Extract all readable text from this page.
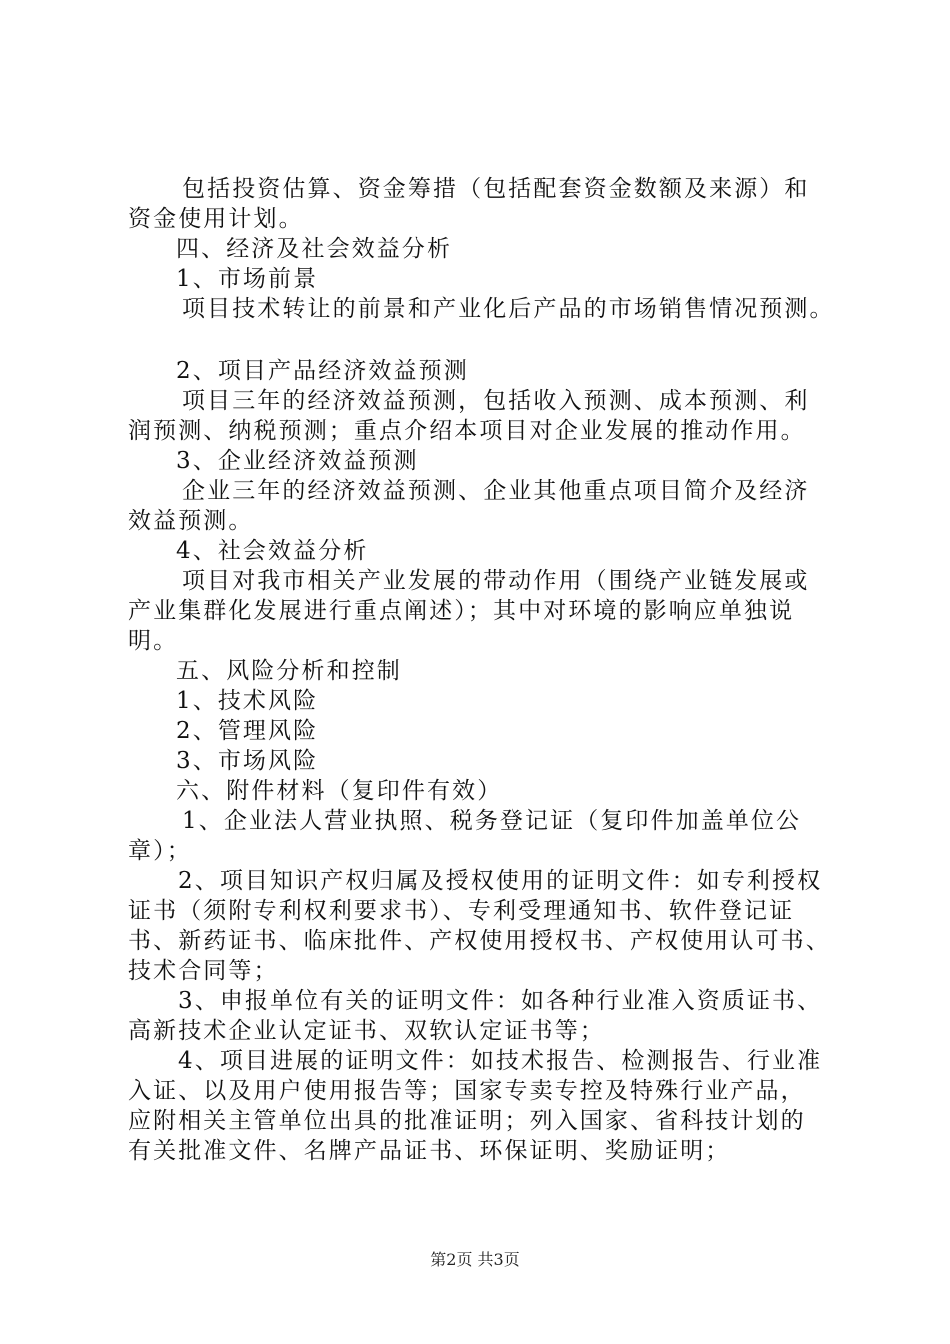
包括投资估算、资金筹措（包括配套资金数额及来源）和
资金使用计划。
四、经济及社会效益分析
1、市场前景
项目技术转让的前景和产业化后产品的市场销售情况预测。
2、项目产品经济效益预测
项目三年的经济效益预测，包括收入预测、成本预测、利
润预测、纳税预测；重点介绍本项目对企业发展的推动作用。
3、企业经济效益预测
企业三年的经济效益预测、企业其他重点项目简介及经济
效益预测。
4、社会效益分析
项目对我市相关产业发展的带动作用（围绕产业链发展或
产业集群化发展进行重点阐述）；其中对环境的影响应单独说
明。
五、风险分析和控制
1、技术风险
2、管理风险
3、市场风险
六、附件材料（复印件有效）
1、企业法人营业执照、税务登记证（复印件加盖单位公
章）；
2、项目知识产权归属及授权使用的证明文件：如专利授权
证书（须附专利权利要求书）、专利受理通知书、软件登记证
书、新药证书、临床批件、产权使用授权书、产权使用认可书、
技术合同等；
3、申报单位有关的证明文件：如各种行业准入资质证书、
高新技术企业认定证书、双软认定证书等；
4、项目进展的证明文件：如技术报告、检测报告、行业准
入证、以及用户使用报告等；国家专卖专控及特殊行业产品，
应附相关主管单位出具的批准证明；列入国家、省科技计划的
有关批准文件、名牌产品证书、环保证明、奖励证明；
第2页 共3页
